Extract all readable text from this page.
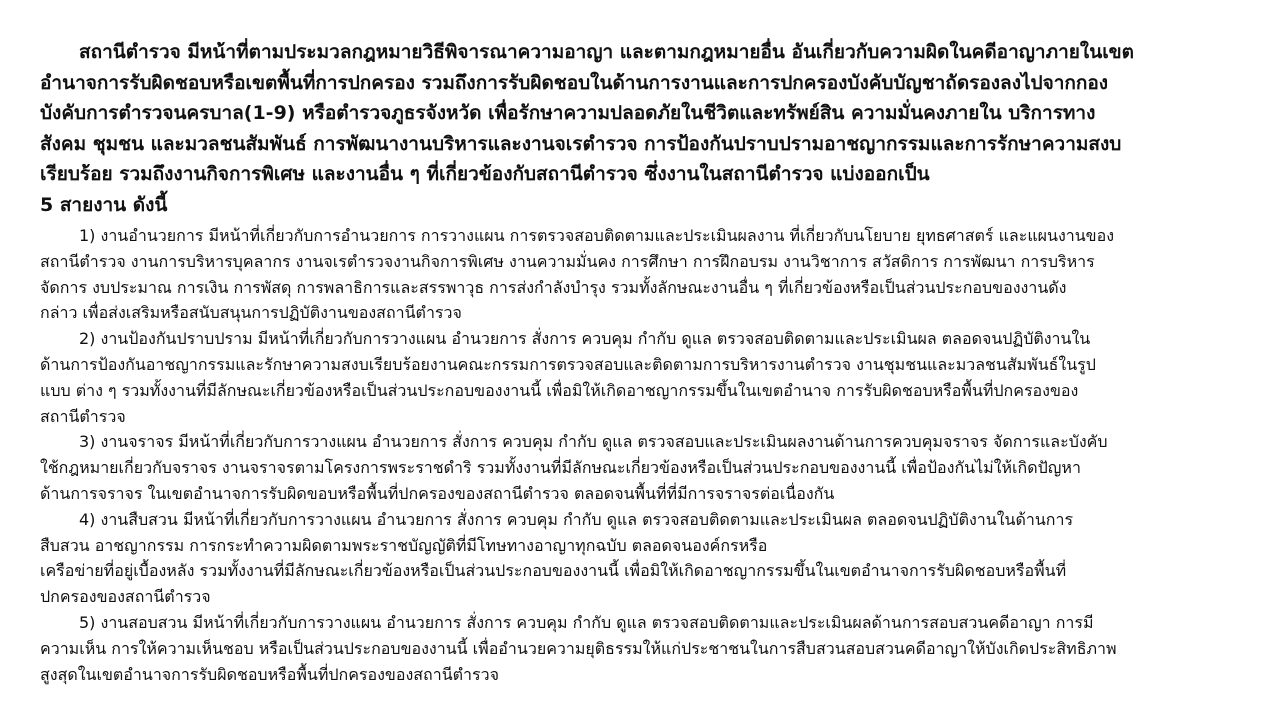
สถานีตำรวจ มีหน้าที่ตามประมวลกฎหมายวิธีพิจารณาความอาญา และตามกฎหมายอื่น อันเกี่ยวกับความผิดในคดีอาญาภายในเขต
อำนาจการรับผิดชอบหรือเขตพื้นที่การปกครอง รวมถึงการรับผิดชอบในด้านการงานและการปกครองบังคับบัญชาถัดรองลงไปจากกอง
บังคับการตำรวจนครบาล(1-9) หรือตำรวจภูธรจังหวัด เพื่อรักษาความปลอดภัยในชีวิตและทรัพย์สิน ความมั่นคงภายใน บริการทาง
สังคม ชุมชน และมวลชนสัมพันธ์ การพัฒนางานบริหารและงานจเรตำรวจ การป้องกันปราบปรามอาชญากรรมและการรักษาความสงบ
เรียบร้อย รวมถึงงานกิจการพิเศษ และงานอื่น ๆ ที่เกี่ยวข้องกับสถานีตำรวจ ซึ่งงานในสถานีตำรวจ แบ่งออกเป็น
5 สายงาน ดังนี้
1) งานอำนวยการ มีหน้าที่เกี่ยวกับการอำนวยการ การวางแผน การตรวจสอบติดตามและประเมินผลงาน ที่เกี่ยวกับนโยบาย ยุทธศาสตร์ และแผนงานของ
สถานีตำรวจ งานการบริหารบุคลากร งานจเรตำรวจงานกิจการพิเศษ งานความมั่นคง การศึกษา การฝึกอบรม งานวิชาการ สวัสดิการ การพัฒนา การบริหาร
จัดการ งบประมาณ การเงิน การพัสดุ การพลาธิการและสรรพาวุธ การส่งกำลังบำรุง รวมทั้งลักษณะงานอื่น ๆ ที่เกี่ยวข้องหรือเป็นส่วนประกอบของงานดัง
กล่าว เพื่อส่งเสริมหรือสนับสนุนการปฏิบัติงานของสถานีตำรวจ
2) งานป้องกันปราบปราม มีหน้าที่เกี่ยวกับการวางแผน อำนวยการ สั่งการ ควบคุม กำกับ ดูแล ตรวจสอบติดตามและประเมินผล ตลอดจนปฏิบัติงานใน
ด้านการป้องกันอาชญากรรมและรักษาความสงบเรียบร้อยงานคณะกรรมการตรวจสอบและติดตามการบริหารงานตำรวจ งานชุมชนและมวลชนสัมพันธ์ในรูป
แบบ ต่าง ๆ รวมทั้งงานที่มีลักษณะเกี่ยวข้องหรือเป็นส่วนประกอบของงานนี้ เพื่อมิให้เกิดอาชญากรรมขึ้นในเขตอำนาจ การรับผิดชอบหรือพื้นที่ปกครองของ
สถานีตำรวจ
3) งานจราจร มีหน้าที่เกี่ยวกับการวางแผน อำนวยการ สั่งการ ควบคุม กำกับ ดูแล ตรวจสอบและประเมินผลงานด้านการควบคุมจราจร จัดการและบังคับ
ใช้กฎหมายเกี่ยวกับจราจร งานจราจรตามโครงการพระราชดำริ รวมทั้งงานที่มีลักษณะเกี่ยวข้องหรือเป็นส่วนประกอบของงานนี้ เพื่อป้องกันไม่ให้เกิดปัญหา
ด้านการจราจร ในเขตอำนาจการรับผิดขอบหรือพื้นที่ปกครองของสถานีตำรวจ ตลอดจนพื้นที่ที่มีการจราจรต่อเนื่องกัน
4) งานสืบสวน มีหน้าที่เกี่ยวกับการวางแผน อำนวยการ สั่งการ ควบคุม กำกับ ดูแล ตรวจสอบติดตามและประเมินผล ตลอดจนปฏิบัติงานในด้านการ
สืบสวน อาชญากรรม การกระทำความผิดตามพระราชบัญญัติที่มีโทษทางอาญาทุกฉบับ ตลอดจนองค์กรหรือ
เครือข่ายที่อยู่เบื้องหลัง รวมทั้งงานที่มีลักษณะเกี่ยวข้องหรือเป็นส่วนประกอบของงานนี้ เพื่อมิให้เกิดอาชญากรรมขึ้นในเขตอำนาจการรับผิดชอบหรือพื้นที่
ปกครองของสถานีตำรวจ
5) งานสอบสวน มีหน้าที่เกี่ยวกับการวางแผน อำนวยการ สั่งการ ควบคุม กำกับ ดูแล ตรวจสอบติดตามและประเมินผลด้านการสอบสวนคดีอาญา การมี
ความเห็น การให้ความเห็นชอบ หรือเป็นส่วนประกอบของงานนี้ เพื่ออำนวยความยุติธรรมให้แก่ประชาชนในการสืบสวนสอบสวนคดีอาญาให้บังเกิดประสิทธิภาพ
สูงสุดในเขตอำนาจการรับผิดชอบหรือพื้นที่ปกครองของสถานีตำรวจ
